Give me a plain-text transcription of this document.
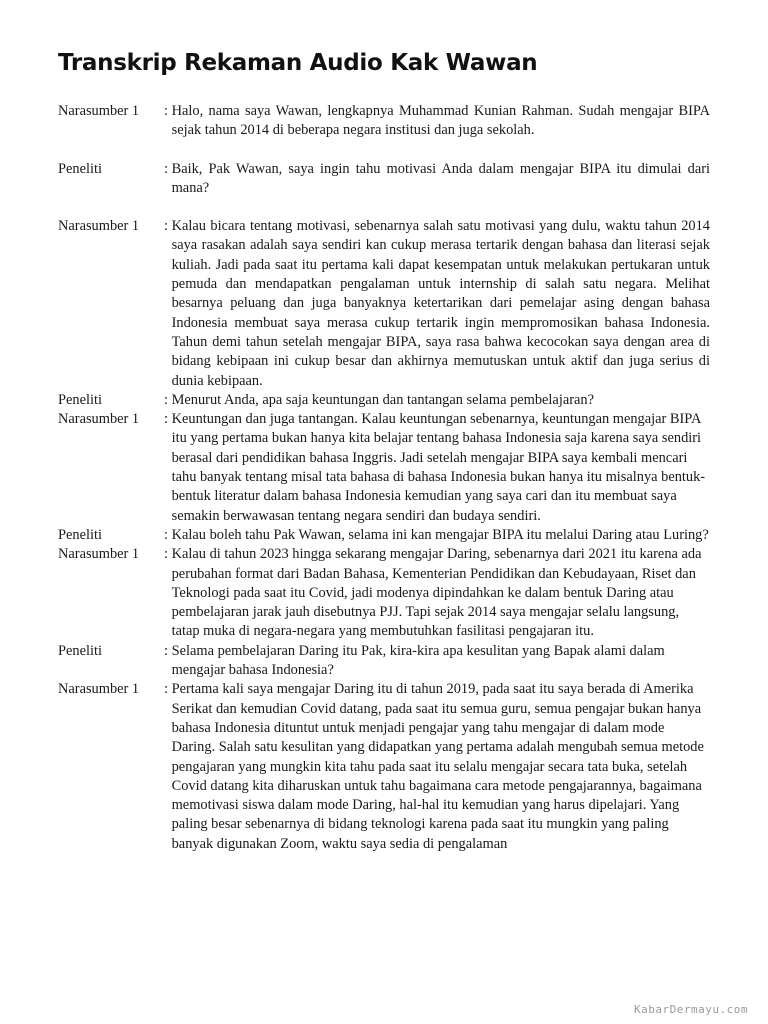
Transkrip Rekaman Audio Kak Wawan
Narasumber 1	: Halo, nama saya Wawan, lengkapnya Muhammad Kunian Rahman. Sudah mengajar BIPA sejak tahun 2014 di beberapa negara institusi dan juga sekolah.
Peneliti	: Baik, Pak Wawan, saya ingin tahu motivasi Anda dalam mengajar BIPA itu dimulai dari mana?
Narasumber 1	: Kalau bicara tentang motivasi, sebenarnya salah satu motivasi yang dulu, waktu tahun 2014 saya rasakan adalah saya sendiri kan cukup merasa tertarik dengan bahasa dan literasi sejak kuliah. Jadi pada saat itu pertama kali dapat kesempatan untuk melakukan pertukaran untuk pemuda dan mendapatkan pengalaman untuk internship di salah satu negara. Melihat besarnya peluang dan juga banyaknya ketertarikan dari pemelajar asing dengan bahasa Indonesia membuat saya merasa cukup tertarik ingin mempromosikan bahasa Indonesia. Tahun demi tahun setelah mengajar BIPA, saya rasa bahwa kecocokan saya dengan area di bidang kebipaan ini cukup besar dan akhirnya memutuskan untuk aktif dan juga serius di dunia kebipaan.
Peneliti	: Menurut Anda, apa saja keuntungan dan tantangan selama pembelajaran?
Narasumber 1	: Keuntungan dan juga tantangan. Kalau keuntungan sebenarnya, keuntungan mengajar BIPA itu yang pertama bukan hanya kita belajar tentang bahasa Indonesia saja karena saya sendiri berasal dari pendidikan bahasa Inggris. Jadi setelah mengajar BIPA saya kembali mencari tahu banyak tentang misal tata bahasa di bahasa Indonesia bukan hanya itu misalnya bentuk-bentuk literatur dalam bahasa Indonesia kemudian yang saya cari dan itu membuat saya semakin berwawasan tentang negara sendiri dan budaya sendiri.
Peneliti	: Kalau boleh tahu Pak Wawan, selama ini kan mengajar BIPA itu melalui Daring atau Luring?
Narasumber 1	: Kalau di tahun 2023 hingga sekarang mengajar Daring, sebenarnya dari 2021 itu karena ada perubahan format dari Badan Bahasa, Kementerian Pendidikan dan Kebudayaan, Riset dan Teknologi pada saat itu Covid, jadi modenya dipindahkan ke dalam bentuk Daring atau pembelajaran jarak jauh disebutnya PJJ. Tapi sejak 2014 saya mengajar selalu langsung, tatap muka di negara-negara yang membutuhkan fasilitasi pengajaran itu.
Peneliti	: Selama pembelajaran Daring itu Pak, kira-kira apa kesulitan yang Bapak alami dalam mengajar bahasa Indonesia?
Narasumber 1	: Pertama kali saya mengajar Daring itu di tahun 2019, pada saat itu saya berada di Amerika Serikat dan kemudian Covid datang, pada saat itu semua guru, semua pengajar bukan hanya bahasa Indonesia dituntut untuk menjadi pengajar yang tahu mengajar di dalam mode Daring. Salah satu kesulitan yang didapatkan yang pertama adalah mengubah semua metode pengajaran yang mungkin kita tahu pada saat itu selalu mengajar secara tata buka, setelah Covid datang kita diharuskan untuk tahu bagaimana cara metode pengajarannya, bagaimana memotivasi siswa dalam mode Daring, hal-hal itu kemudian yang harus dipelajari. Yang paling besar sebenarnya di bidang teknologi karena pada saat itu mungkin yang paling banyak digunakan Zoom, waktu saya sedia di pengalaman
KabarDermayu.com
